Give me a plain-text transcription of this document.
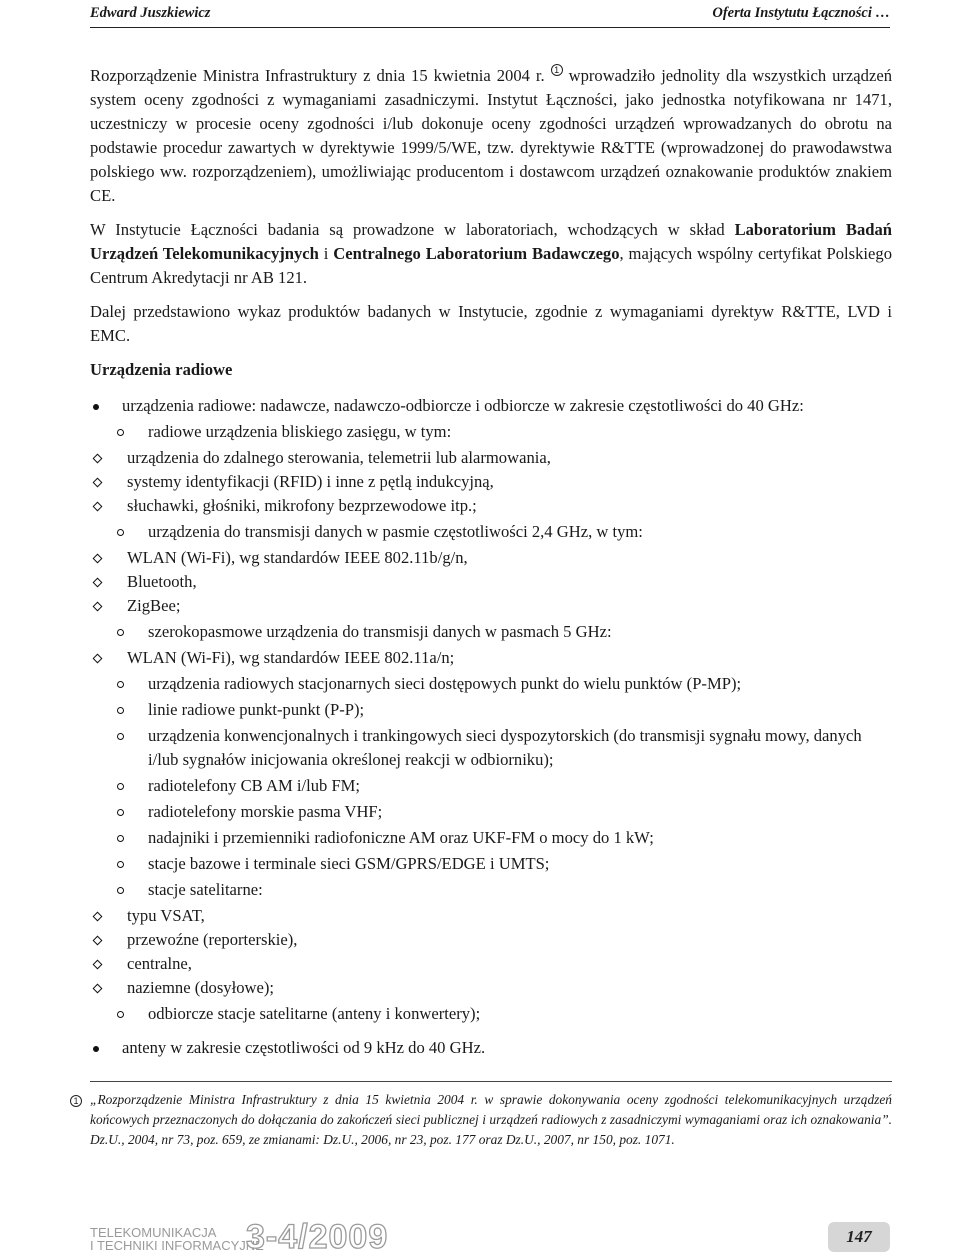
Edward Juszkiewicz	Oferta Instytutu Łączności …

Rozporządzenie Ministra Infrastruktury z dnia 15 kwietnia 2004 r. $^1$ wprowadziło jednolity dla wszystkich urządzeń system oceny zgodności z wymaganiami zasadniczymi. Instytut Łączności, jako jednostka notyfikowana nr 1471, uczestniczy w procesie oceny zgodności i/lub dokonuje oceny zgodności urządzeń wprowadzanych do obrotu na podstawie procedur zawartych w dyrektywie 1999/5/WE, tzw. dyrektywie R&TTE (wprowadzonej do prawodawstwa polskiego ww. rozporządzeniem), umożliwiając producentom i dostawcom urządzeń oznakowanie produktów znakiem CE.

W Instytucie Łączności badania są prowadzone w laboratoriach, wchodzących w skład Laboratorium Badań Urządzeń Telekomunikacyjnych i Centralnego Laboratorium Badawczego, mających wspólny certyfikat Polskiego Centrum Akredytacji nr AB 121.

Dalej przedstawiono wykaz produktów badanych w Instytucie, zgodnie z wymaganiami dyrektyw R&TTE, LVD i EMC.

Urządzenia radiowe
urządzenia radiowe: nadawcze, nadawczo-odbiorcze i odbiorcze w zakresie częstotliwości do 40 GHz:
radiowe urządzenia bliskiego zasięgu, w tym:
urządzenia do zdalnego sterowania, telemetrii lub alarmowania,
systemy identyfikacji (RFID) i inne z pętlą indukcyjną,
słuchawki, głośniki, mikrofony bezprzewodowe itp.;
urządzenia do transmisji danych w pasmie częstotliwości 2,4 GHz, w tym:
WLAN (Wi-Fi), wg standardów IEEE 802.11b/g/n,
Bluetooth,
ZigBee;
szerokopasmowe urządzenia do transmisji danych w pasmach 5 GHz:
WLAN (Wi-Fi), wg standardów IEEE 802.11a/n;
urządzenia radiowych stacjonarnych sieci dostępowych punkt do wielu punktów (P-MP);
linie radiowe punkt-punkt (P-P);
urządzenia konwencjonalnych i trankingowych sieci dyspozytorskich (do transmisji sygnału mowy, danych i/lub sygnałów inicjowania określonej reakcji w odbiorniku);
radiotelefony CB AM i/lub FM;
radiotelefony morskie pasma VHF;
nadajniki i przemienniki radiofoniczne AM oraz UKF-FM o mocy do 1 kW;
stacje bazowe i terminale sieci GSM/GPRS/EDGE i UMTS;
stacje satelitarne:
typu VSAT,
przewoźne (reporterskie),
centralne,
naziemne (dosyłowe);
odbiorcze stacje satelitarne (anteny i konwertery);
anteny w zakresie częstotliwości od 9 kHz do 40 GHz.
1 „Rozporządzenie Ministra Infrastruktury z dnia 15 kwietnia 2004 r. w sprawie dokonywania oceny zgodności telekomunikacyjnych urządzeń końcowych przeznaczonych do dołączania do zakończeń sieci publicznej i urządzeń radiowych z zasadniczymi wymaganiami oraz ich oznakowania”. Dz.U., 2004, nr 73, poz. 659, ze zmianami: Dz.U., 2006, nr 23, poz. 177 oraz Dz.U., 2007, nr 150, poz. 1071.
TELEKOMUNIKACJA
I TECHNIKI INFORMACYJNE
3-4/2009	147
